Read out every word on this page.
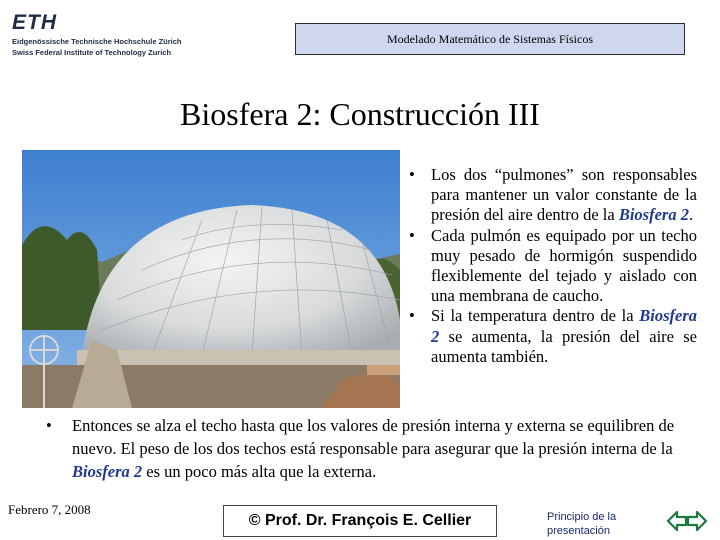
ETH
Eidgenössische Technische Hochschule Zürich
Swiss Federal Institute of Technology Zurich
Modelado Matemático de Sistemas Físicos
Biosfera 2: Construcción III
• Los dos “pulmones” son responsables para mantener un valor constante de la presión del aire dentro de la Biosfera 2.
• Cada pulmón es equipado por un techo muy pesado de hormigón suspendido flexiblemente del tejado y aislado con una membrana de caucho.
• Si la temperatura dentro de la Biosfera 2 se aumenta, la presión del aire se aumenta también.
• Entonces se alza el techo hasta que los valores de presión interna y externa se equilibren de nuevo. El peso de los dos techos está responsable para asegurar que la presión interna de la Biosfera 2 es un poco más alta que la externa.
Febrero 7, 2008
© Prof. Dr. François E. Cellier	Principio de la presentación
